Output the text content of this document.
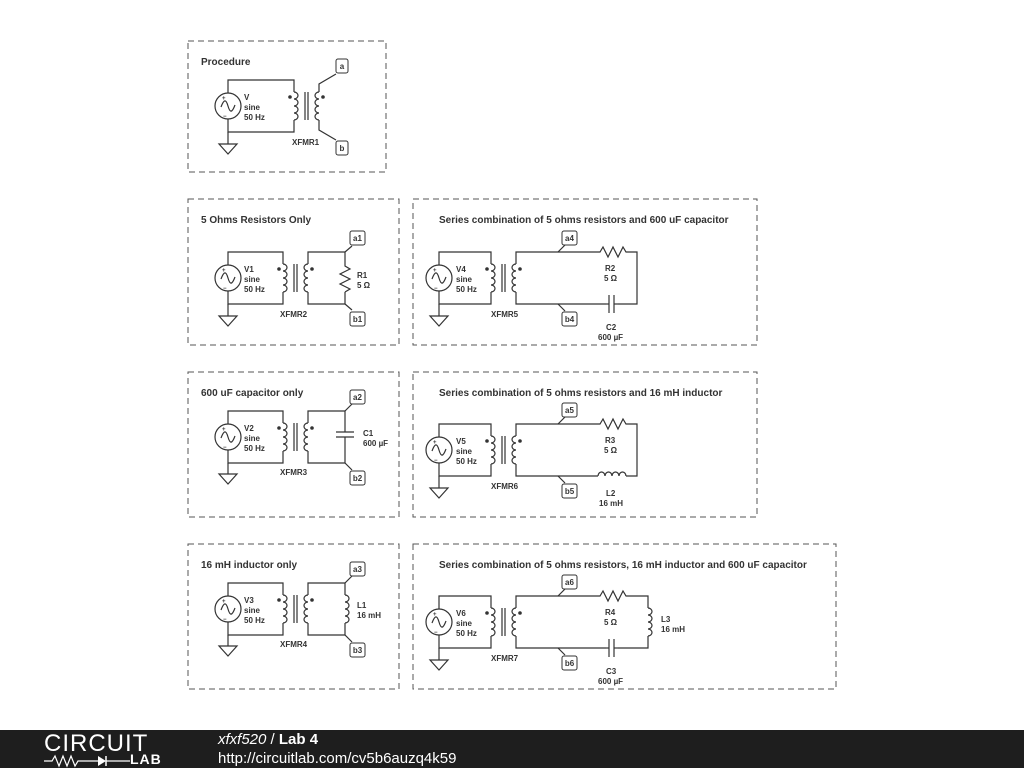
Procedure
+
−
V
sine
50 Hz
XFMR1
a
b
5 Ohms Resistors Only
+
−
V1
sine
50 Hz
XFMR2
R1
5 Ω
a1
b1
Series combination of 5 ohms resistors and 600 uF capacitor
+
−
V4
sine
50 Hz
XFMR5
R2
5 Ω
C2
600 µF
a4
b4
600 uF capacitor only
+
−
V2
sine
50 Hz
XFMR3
C1
600 µF
a2
b2
Series combination of 5 ohms resistors and 16 mH inductor
+
−
V5
sine
50 Hz
XFMR6
R3
5 Ω
L2
16 mH
a5
b5
16 mH inductor only
+
−
V3
sine
50 Hz
XFMR4
L1
16 mH
a3
b3
Series combination of 5 ohms resistors, 16 mH inductor and 600 uF capacitor
+
−
V6
sine
50 Hz
XFMR7
R4
5 Ω	L3
16 mH
C3
600 µF
a6
b6
CIRCUIT
LAB
xfxf520 / Lab 4
http://circuitlab.com/cv5b6auzq4k59
